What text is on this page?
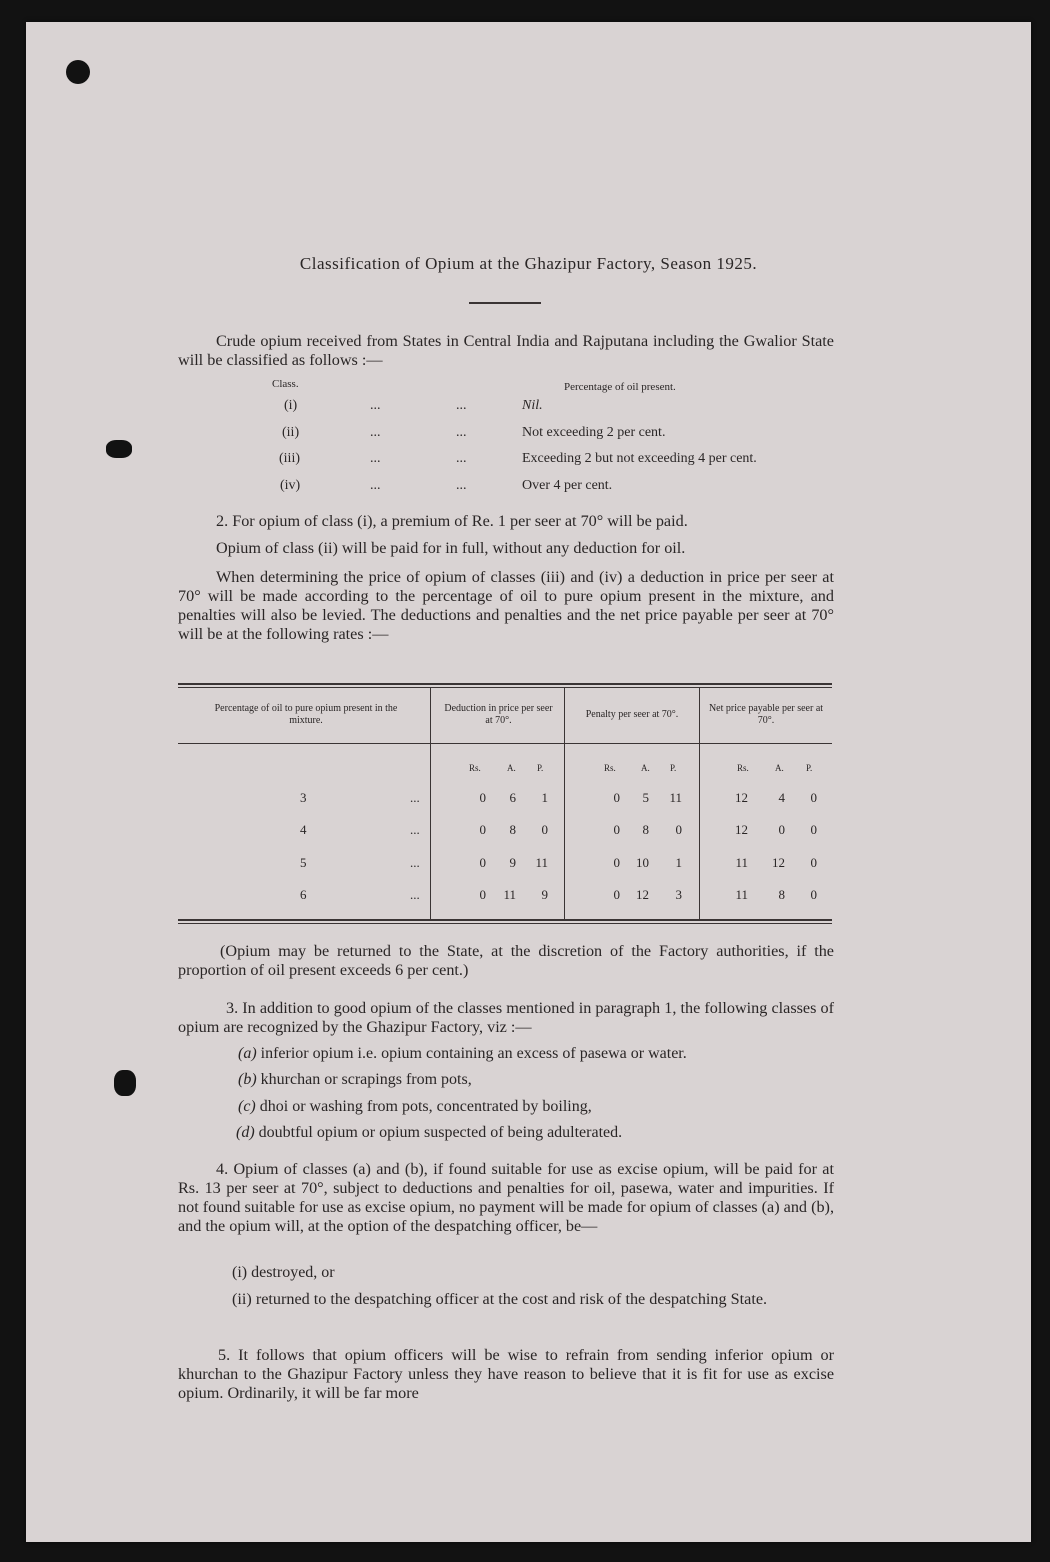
Classification of Opium at the Ghazipur Factory, Season 1925.

Crude opium received from States in Central India and Rajputana including the Gwalior State will be classified as follows :—

Class.	Percentage of oil present.
(i)	...	...	Nil.
(ii)	...	...	Not exceeding 2 per cent.
(iii)	...	...	Exceeding 2 but not exceeding 4 per cent.
(iv)	...	...	Over 4 per cent.
2. For opium of class (i), a premium of Re. 1 per seer at 70° will be paid.
Opium of class (ii) will be paid for in full, without any deduction for oil.

When determining the price of opium of classes (iii) and (iv) a deduction in price per seer at 70° will be made according to the percentage of oil to pure opium present in the mixture, and penalties will also be levied. The deductions and penalties and the net price payable per seer at 70° will be at the following rates :—

Percentage of oil to pure opium present in the mixture.
Deduction in price per seer at 70°.
Penalty per seer at 70°.
Net price payable per seer at 70°.
Rs.	A. P.	Rs.	A. P.	Rs.	A. P.
3	...	0	6	1	0	5	11	12	4	0
4	...	0	8	0	0	8	0	12	0	0
5	...	0	9	11	0	10	1	11	12	0
6	...	0	11	9	0	12	3	11	8	0

(Opium may be returned to the State, at the discretion of the Factory authorities, if the proportion of oil present exceeds 6 per cent.)

3. In addition to good opium of the classes mentioned in paragraph 1, the following classes of opium are recognized by the Ghazipur Factory, viz :—

(a) inferior opium i.e. opium containing an excess of pasewa or water.
(b) khurchan or scrapings from pots,
(c) dhoi or washing from pots, concentrated by boiling,
(d) doubtful opium or opium suspected of being adulterated.

4. Opium of classes (a) and (b), if found suitable for use as excise opium, will be paid for at Rs. 13 per seer at 70°, subject to deductions and penalties for oil, pasewa, water and impurities. If not found suitable for use as excise opium, no payment will be made for opium of classes (a) and (b), and the opium will, at the option of the despatching officer, be—

(i) destroyed, or

(ii) returned to the despatching officer at the cost and risk of the despatching State.

5. It follows that opium officers will be wise to refrain from sending inferior opium or khurchan to the Ghazipur Factory unless they have reason to believe that it is fit for use as excise opium. Ordinarily, it will be far more
